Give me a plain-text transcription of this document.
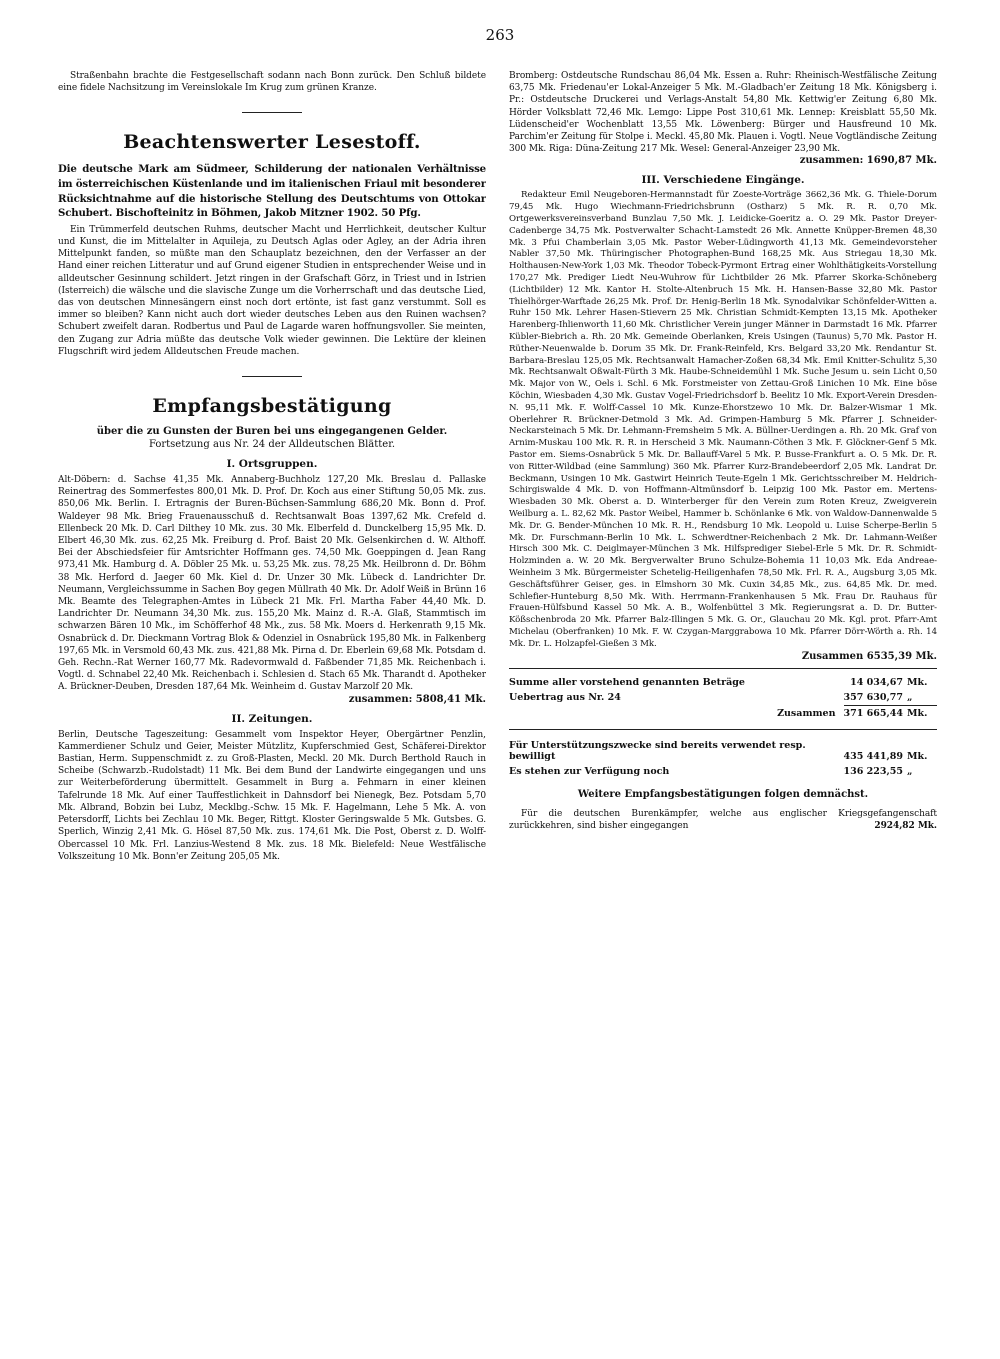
263

Straßenbahn brachte die Festgesellschaft sodann nach Bonn zurück. Den Schluß bildete eine fidele Nachsitzung im Vereinslokale Im Krug zum grünen Kranze.

Beachtenswerter Lesestoff.

Die deutsche Mark am Südmeer, Schilderung der nationalen Verhältnisse im österreichischen Küstenlande und im italienischen Friaul mit besonderer Rücksichtnahme auf die historische Stellung des Deutschtums von Ottokar Schubert. Bischofteinitz in Böhmen, Jakob Mitzner 1902. 50 Pfg.

Ein Trümmerfeld deutschen Ruhms, deutscher Macht und Herrlichkeit, deutscher Kultur und Kunst, die im Mittelalter in Aquileja, zu Deutsch Aglas oder Agley, an der Adria ihren Mittelpunkt fanden, so müßte man den Schauplatz bezeichnen, den der Verfasser an der Hand einer reichen Litteratur und auf Grund eigener Studien in entsprechender Weise und in alldeutscher Gesinnung schildert. Jetzt ringen in der Grafschaft Görz, in Triest und in Istrien (Isterreich) die wälsche und die slavische Zunge um die Vorherrschaft und das deutsche Lied, das von deutschen Minnesängern einst noch dort ertönte, ist fast ganz verstummt. Soll es immer so bleiben? Kann nicht auch dort wieder deutsches Leben aus den Ruinen wachsen? Schubert zweifelt daran. Rodbertus und Paul de Lagarde waren hoffnungsvoller. Sie meinten, den Zugang zur Adria müßte das deutsche Volk wieder gewinnen. Die Lektüre der kleinen Flugschrift wird jedem Alldeutschen Freude machen.

Empfangsbestätigung
über die zu Gunsten der Buren bei uns eingegangenen Gelder.
Fortsetzung aus Nr. 24 der Alldeutschen Blätter.
I. Ortsgruppen.

Alt-Döbern: d. Sachse 41,35 Mk. Annaberg-Buchholz 127,20 Mk. Breslau d. Pallaske Reinertrag des Sommerfestes 800,01 Mk. D. Prof. Dr. Koch aus einer Stiftung 50,05 Mk. zus. 850,06 Mk. Berlin. I. Ertragnis der Buren-Büchsen-Sammlung 686,20 Mk. Bonn d. Prof. Waldeyer 98 Mk. Brieg Frauenausschuß d. Rechtsanwalt Boas 1397,62 Mk. Crefeld d. Ellenbeck 20 Mk. D. Carl Dilthey 10 Mk. zus. 30 Mk. Elberfeld d. Dunckelberg 15,95 Mk. D. Elbert 46,30 Mk. zus. 62,25 Mk. Freiburg d. Prof. Baist 20 Mk. Gelsenkirchen d. W. Althoff. Bei der Abschiedsfeier für Amtsrichter Hoffmann ges. 74,50 Mk. Goeppingen d. Jean Rang 973,41 Mk. Hamburg d. A. Döbler 25 Mk. u. 53,25 Mk. zus. 78,25 Mk. Heilbronn d. Dr. Böhm 38 Mk. Herford d. Jaeger 60 Mk. Kiel d. Dr. Unzer 30 Mk. Lübeck d. Landrichter Dr. Neumann, Vergleichssumme in Sachen Boy gegen Müllrath 40 Mk. Dr. Adolf Weiß in Brünn 16 Mk. Beamte des Telegraphen-Amtes in Lübeck 21 Mk. Frl. Martha Faber 44,40 Mk. D. Landrichter Dr. Neumann 34,30 Mk. zus. 155,20 Mk. Mainz d. R.-A. Glaß, Stammtisch im schwarzen Bären 10 Mk., im Schöfferhof 48 Mk., zus. 58 Mk. Moers d. Herkenrath 9,15 Mk. Osnabrück d. Dr. Dieckmann Vortrag Blok & Odenziel in Osnabrück 195,80 Mk. in Falkenberg 197,65 Mk. in Versmold 60,43 Mk. zus. 421,88 Mk. Pirna d. Dr. Eberlein 69,68 Mk. Potsdam d. Geh. Rechn.-Rat Werner 160,77 Mk. Radevormwald d. Faßbender 71,85 Mk. Reichenbach i. Vogtl. d. Schnabel 22,40 Mk. Reichenbach i. Schlesien d. Stach 65 Mk. Tharandt d. Apotheker A. Brückner-Deuben, Dresden 187,64 Mk. Weinheim d. Gustav Marzolf 20 Mk.

zusammen: 5808,41 Mk.

II. Zeitungen.

Berlin, Deutsche Tageszeitung: Gesammelt vom Inspektor Heyer, Obergärtner Penzlin, Kammerdiener Schulz und Geier, Meister Mützlitz, Kupferschmied Gest, Schäferei-Direktor Bastian, Herm. Suppenschmidt z. zu Groß-Plasten, Meckl. 20 Mk. Durch Berthold Rauch in Scheibe (Schwarzb.-Rudolstadt) 11 Mk. Bei dem Bund der Landwirte eingegangen und uns zur Weiterbeförderung übermittelt. Gesammelt in Burg a. Fehmarn in einer kleinen Tafelrunde 18 Mk. Auf einer Tauffestlichkeit in Dahnsdorf bei Nienegk, Bez. Potsdam 5,70 Mk. Albrand, Bobzin bei Lubz, Mecklbg.-Schw. 15 Mk. F. Hagelmann, Lehe 5 Mk. A. von Petersdorff, Lichts bei Zechlau 10 Mk. Beger, Rittgt. Kloster Geringswalde 5 Mk. Gutsbes. G. Sperlich, Winzig 2,41 Mk. G. Hösel 87,50 Mk. zus. 174,61 Mk. Die Post, Oberst z. D. Wolff-Obercassel 10 Mk. Frl. Lanzius-Westend 8 Mk. zus. 18 Mk. Bielefeld: Neue Westfälische Volkszeitung 10 Mk. Bonn'er Zeitung 205,05 Mk.

Bromberg: Ostdeutsche Rundschau 86,04 Mk. Essen a. Ruhr: Rheinisch-Westfälische Zeitung 63,75 Mk. Friedenau'er Lokal-Anzeiger 5 Mk. M.-Gladbach'er Zeitung 18 Mk. Königsberg i. Pr.: Ostdeutsche Druckerei und Verlags-Anstalt 54,80 Mk. Kettwig'er Zeitung 6,80 Mk. Hörder Volksblatt 72,46 Mk. Lemgo: Lippe Post 310,61 Mk. Lennep: Kreisblatt 55,50 Mk. Lüdenscheid'er Wochenblatt 13,55 Mk. Löwenberg: Bürger und Hausfreund 10 Mk. Parchim'er Zeitung für Stolpe i. Meckl. 45,80 Mk. Plauen i. Vogtl. Neue Vogtländische Zeitung 300 Mk. Riga: Düna-Zeitung 217 Mk. Wesel: General-Anzeiger 23,90 Mk.

zusammen: 1690,87 Mk.

III. Verschiedene Eingänge.

Redakteur Emil Neugeboren-Hermannstadt für Zoeste-Vorträge 3662,36 Mk. G. Thiele-Dorum 79,45 Mk. Hugo Wiechmann-Friedrichsbrunn (Ostharz) 5 Mk. R. R. 0,70 Mk. Ortgewerksvereinsverband Bunzlau 7,50 Mk. J. Leidicke-Goeritz a. O. 29 Mk. Pastor Dreyer-Cadenberge 34,75 Mk. Postverwalter Schacht-Lamstedt 26 Mk. Annette Knüpper-Bremen 48,30 Mk. 3 Pfui Chamberlain 3,05 Mk. Pastor Weber-Lüdingworth 41,13 Mk. Gemeindevorsteher Nabler 37,50 Mk. Thüringischer Photographen-Bund 168,25 Mk. Aus Striegau 18,30 Mk. Holthausen-New-York 1,03 Mk. Theodor Tobeck-Pyrmont Ertrag einer Wohlthätigkeits-Vorstellung 170,27 Mk. Prediger Liedt Neu-Wuhrow für Lichtbilder 26 Mk. Pfarrer Skorka-Schöneberg (Lichtbilder) 12 Mk. Kantor H. Stolte-Altenbruch 15 Mk. H. Hansen-Basse 32,80 Mk. Pastor Thielhörger-Warftade 26,25 Mk. Prof. Dr. Henig-Berlin 18 Mk. Synodalvikar Schönfelder-Witten a. Ruhr 150 Mk. Lehrer Hasen-Stievern 25 Mk. Christian Schmidt-Kempten 13,15 Mk. Apotheker Harenberg-Ihlienworth 11,60 Mk. Christlicher Verein junger Männer in Darmstadt 16 Mk. Pfarrer Kübler-Biebrich a. Rh. 20 Mk. Gemeinde Oberlanken, Kreis Usingen (Taunus) 5,70 Mk. Pastor H. Rüther-Neuenwalde b. Dorum 35 Mk. Dr. Frank-Reinfeld, Krs. Belgard 33,20 Mk. Rendantur St. Barbara-Breslau 125,05 Mk. Rechtsanwalt Hamacher-Zoßen 68,34 Mk. Emil Knitter-Schulitz 5,30 Mk. Rechtsanwalt Oßwalt-Fürth 3 Mk. Haube-Schneidemühl 1 Mk. Suche Jesum u. sein Licht 0,50 Mk. Major von W., Oels i. Schl. 6 Mk. Forstmeister von Zettau-Groß Linichen 10 Mk. Eine böse Köchin, Wiesbaden 4,30 Mk. Gustav Vogel-Friedrichsdorf b. Beelitz 10 Mk. Export-Verein Dresden-N. 95,11 Mk. F. Wolff-Cassel 10 Mk. Kunze-Ehorstzewo 10 Mk. Dr. Balzer-Wismar 1 Mk. Oberlehrer R. Brückner-Detmold 3 Mk. Ad. Grimpen-Hamburg 5 Mk. Pfarrer J. Schneider-Neckarsteinach 5 Mk. Dr. Lehmann-Fremsheim 5 Mk. A. Büllner-Uerdingen a. Rh. 20 Mk. Graf von Arnim-Muskau 100 Mk. R. R. in Herscheid 3 Mk. Naumann-Cöthen 3 Mk. F. Glöckner-Genf 5 Mk. Pastor em. Siems-Osnabrück 5 Mk. Dr. Ballauff-Varel 5 Mk. P. Busse-Frankfurt a. O. 5 Mk. Dr. R. von Ritter-Wildbad (eine Sammlung) 360 Mk. Pfarrer Kurz-Brandebeerdorf 2,05 Mk. Landrat Dr. Beckmann, Usingen 10 Mk. Gastwirt Heinrich Teute-Egeln 1 Mk. Gerichtsschreiber M. Heldrich-Schirgiswalde 4 Mk. D. von Hoffmann-Altmünsdorf b. Leipzig 100 Mk. Pastor em. Mertens-Wiesbaden 30 Mk. Oberst a. D. Winterberger für den Verein zum Roten Kreuz, Zweigverein Weilburg a. L. 82,62 Mk. Pastor Weibel, Hammer b. Schönlanke 6 Mk. von Waldow-Dannenwalde 5 Mk. Dr. G. Bender-München 10 Mk. R. H., Rendsburg 10 Mk. Leopold u. Luise Scherpe-Berlin 5 Mk. Dr. Furschmann-Berlin 10 Mk. L. Schwerdtner-Reichenbach 2 Mk. Dr. Lahmann-Weißer Hirsch 300 Mk. C. Deiglmayer-München 3 Mk. Hilfsprediger Siebel-Erle 5 Mk. Dr. R. Schmidt-Holzminden a. W. 20 Mk. Bergverwalter Bruno Schulze-Bohemia 11 10,03 Mk. Eda Andreae-Weinheim 3 Mk. Bürgermeister Schetelig-Heiligenhafen 78,50 Mk. Frl. R. A., Augsburg 3,05 Mk. Geschäftsführer Geiser, ges. in Elmshorn 30 Mk. Cuxin 34,85 Mk., zus. 64,85 Mk. Dr. med. Schlefier-Hunteburg 8,50 Mk. With. Herrmann-Frankenhausen 5 Mk. Frau Dr. Rauhaus für Frauen-Hülfsbund Kassel 50 Mk. A. B., Wolfenbüttel 3 Mk. Regierungsrat a. D. Dr. Butter-Kößschenbroda 20 Mk. Pfarrer Balz-Illingen 5 Mk. G. Or., Glauchau 20 Mk. Kgl. prot. Pfarr-Amt Michelau (Oberfranken) 10 Mk. F. W. Czygan-Marggrabowa 10 Mk. Pfarrer Dörr-Wörth a. Rh. 14 Mk. Dr. L. Holzapfel-Gießen 3 Mk.

Zusammen 6535,39 Mk.

Summe aller vorstehend genannten Beträge	14 034,67	Mk.
Uebertrag aus Nr. 24	357 630,77	„
Zusammen	371 665,44	Mk.

Für Unterstützungszwecke sind bereits verwendet resp. bewilligt	435 441,89	Mk.
Es stehen zur Verfügung noch	136 223,55	„

Weitere Empfangsbestätigungen folgen demnächst.

Für die deutschen Burenkämpfer, welche aus englischer Kriegsgefangenschaft zurückkehren, sind bisher eingegangen	2924,82 Mk.
